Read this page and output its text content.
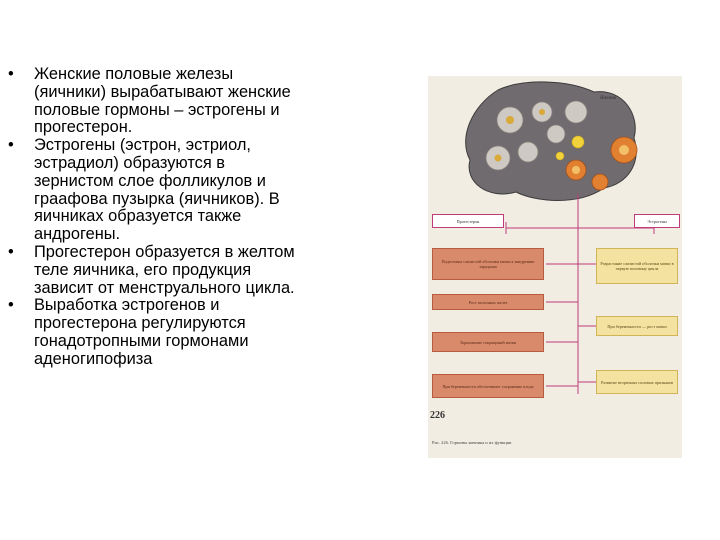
•	Женские половые железы (яичники) вырабатывают женские половые гормоны – эстрогены и прогестерон.
•	Эстрогены (эстрон, эстриол, эстрадиол) образуются в зернистом слое фолликулов и граафова пузырка (яичников). В яичниках образуется также андрогены.
•	Прогестерон образуется в желтом теле яичника, его продукция зависит от менструального цикла.
•	Выработка эстрогенов и прогестерона регулируются гонадотропными гормонами аденогипофиза
Яичник
Прогестерон	Эстрогены
Подготовка слизистой оболочки матки к внедрению зародыша
Рост молочных желез
Торможение сокращений матки
При беременности обеспечивает сохранение плода
Разрастание слизистой оболочки матки в первую половину цикла
При беременности — рост матки
Развитие вторичных половых признаков
226
Рис. 226. Гормоны яичника и их функции
